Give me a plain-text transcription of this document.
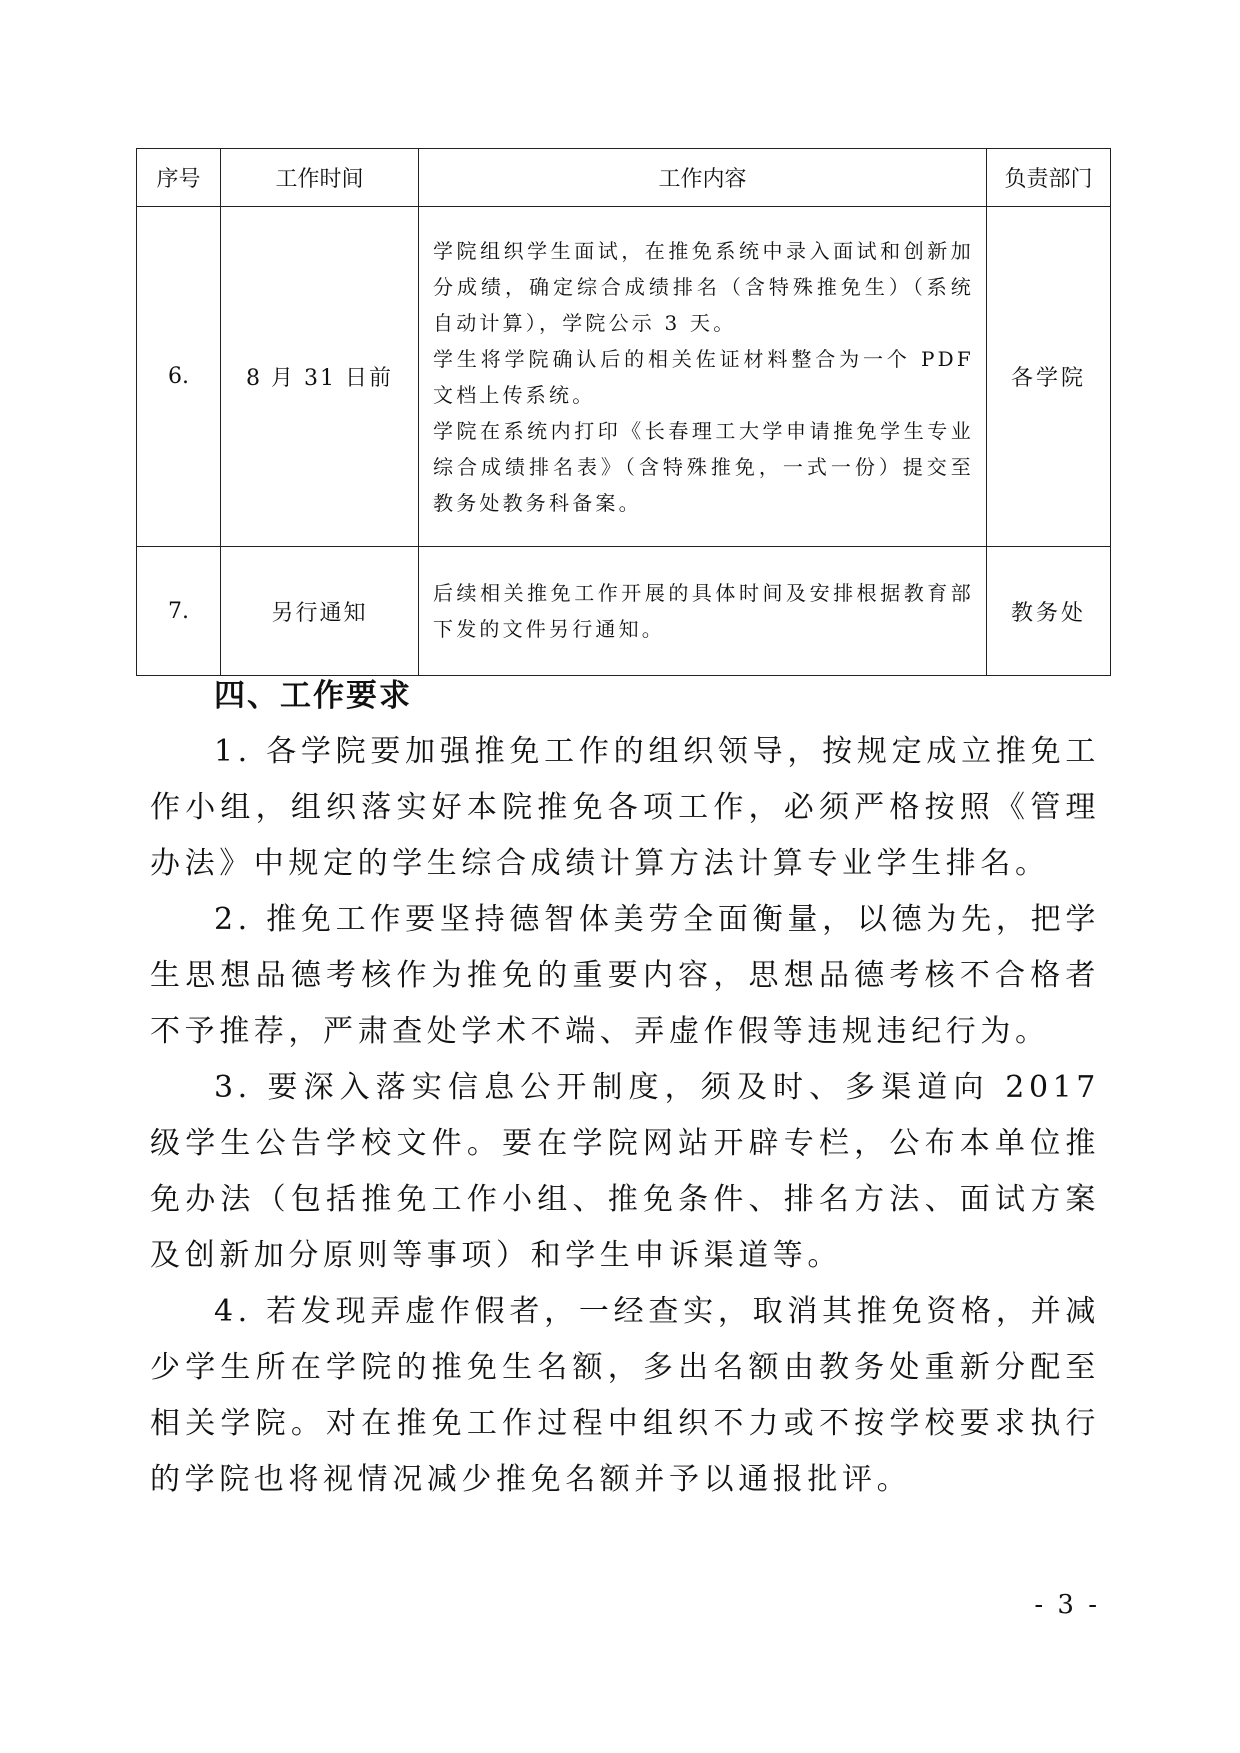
序号	工作时间	工作内容	负责部门
6.	8 月 31 日前	学院组织学生面试，在推免系统中录入面试和创新加分成绩，确定综合成绩排名（含特殊推免生）（系统自动计算），学院公示 3 天。

学生将学院确认后的相关佐证材料整合为一个 PDF 文档上传系统。

学院在系统内打印《长春理工大学申请推免学生专业综合成绩排名表》（含特殊推免，一式一份）提交至教务处教务科备案。	各学院
7.	另行通知	后续相关推免工作开展的具体时间及安排根据教育部下发的文件另行通知。	教务处
四、工作要求

1. 各学院要加强推免工作的组织领导，按规定成立推免工作小组，组织落实好本院推免各项工作，必须严格按照《管理办法》中规定的学生综合成绩计算方法计算专业学生排名。

2. 推免工作要坚持德智体美劳全面衡量，以德为先，把学生思想品德考核作为推免的重要内容，思想品德考核不合格者不予推荐，严肃查处学术不端、弄虚作假等违规违纪行为。

3. 要深入落实信息公开制度，须及时、多渠道向 2017 级学生公告学校文件。要在学院网站开辟专栏，公布本单位推免办法（包括推免工作小组、推免条件、排名方法、面试方案及创新加分原则等事项）和学生申诉渠道等。

4. 若发现弄虚作假者，一经查实，取消其推免资格，并减少学生所在学院的推免生名额，多出名额由教务处重新分配至相关学院。对在推免工作过程中组织不力或不按学校要求执行的学院也将视情况减少推免名额并予以通报批评。

- 3 -
